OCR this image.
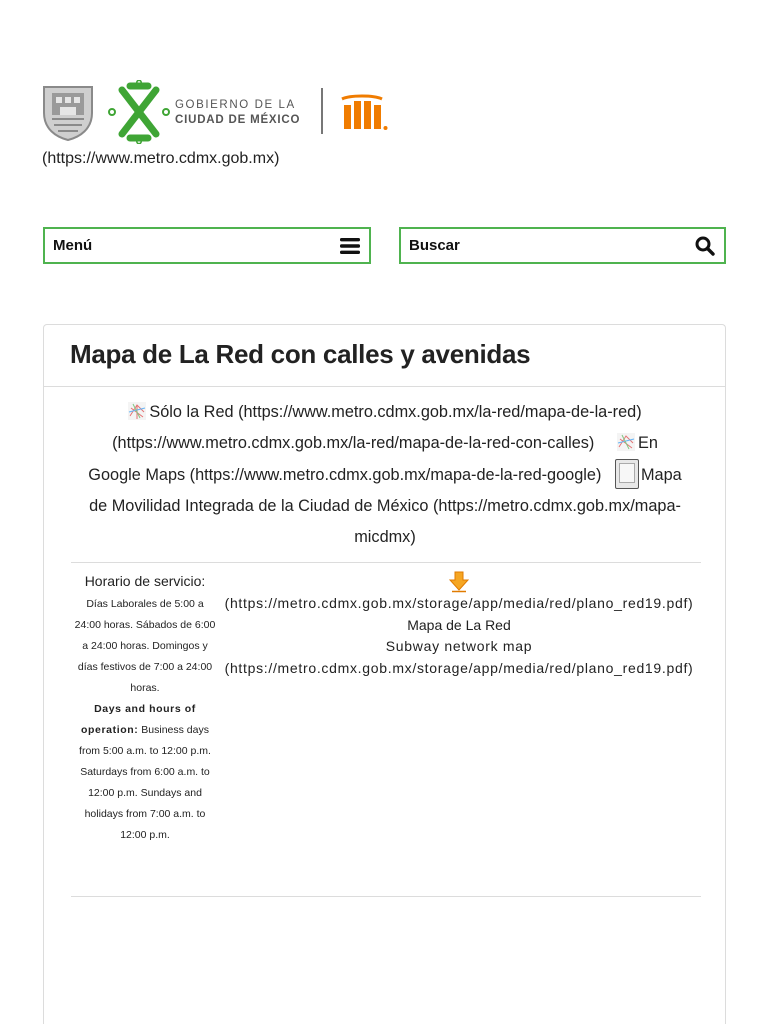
GOBIERNO DE LA
CIUDAD DE MÉXICO
(https://www.metro.cdmx.gob.mx)
Menú	Buscar
Mapa de La Red con calles y avenidas
Sólo la Red (https://www.metro.cdmx.gob.mx/la-red/mapa-de-la-red)
(https://www.metro.cdmx.gob.mx/la-red/mapa-de-la-red-con-calles)	En
Google Maps (https://www.metro.cdmx.gob.mx/mapa-de-la-red-google) Mapa
de Movilidad Integrada de la Ciudad de México (https://metro.cdmx.gob.mx/mapa-micdmx)
Horario de servicio: Días Laborales de 5:00 a 24:00 horas. Sábados de 6:00 a 24:00 horas. Domingos y días festivos de 7:00 a 24:00 horas.
Days and hours of operation: Business days from 5:00 a.m. to 12:00 p.m. Saturdays from 6:00 a.m. to 12:00 p.m. Sundays and holidays from 7:00 a.m. to 12:00 p.m.
(https://metro.cdmx.gob.mx/storage/app/media/red/plano_red19.pdf)
Mapa de La Red
Subway network map
(https://metro.cdmx.gob.mx/storage/app/media/red/plano_red19.pdf)
